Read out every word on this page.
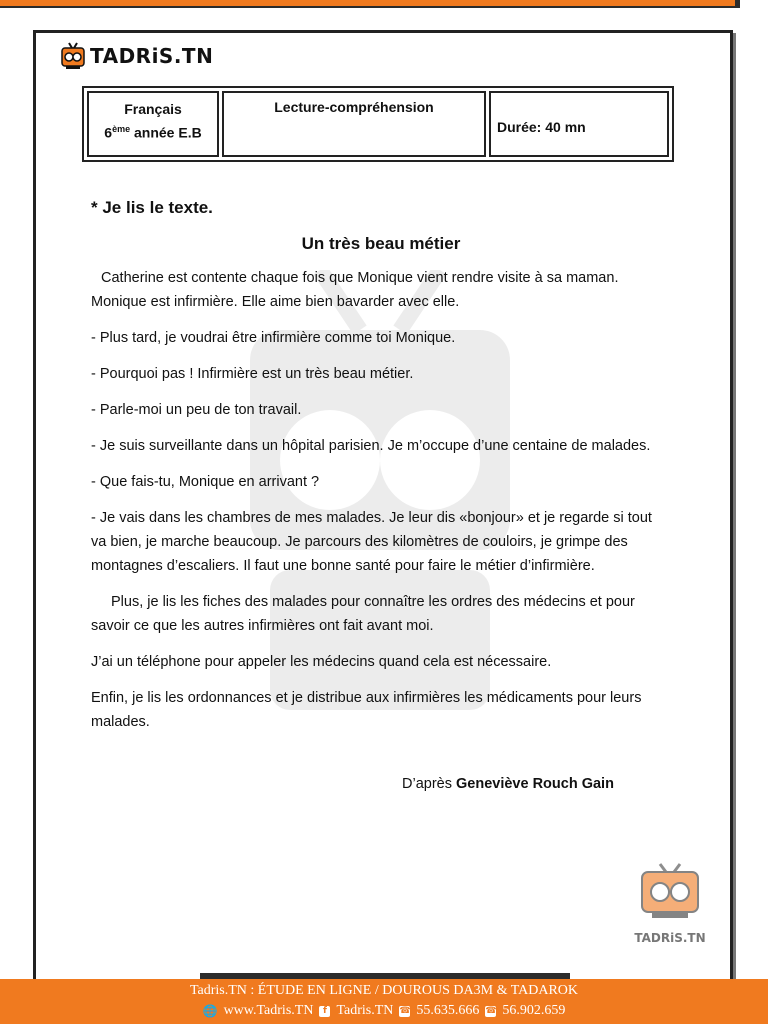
TADRiS.TN
Français
6ème année E.B
Lecture-compréhension
Durée: 40 mn
* Je lis le texte.
Un très beau métier

Catherine est contente chaque fois que Monique vient rendre visite à sa maman. Monique est infirmière. Elle aime bien bavarder avec elle.

- Plus tard, je voudrai être infirmière comme toi Monique.

- Pourquoi pas ! Infirmière est un très beau métier.

- Parle-moi un peu de ton travail.

- Je suis surveillante dans un hôpital parisien. Je m’occupe d’une centaine de malades.

- Que fais-tu, Monique en arrivant ?

- Je vais dans les chambres de mes malades. Je leur dis «bonjour» et je regarde si tout va bien, je marche beaucoup. Je parcours des kilomètres de couloirs, je grimpe des montagnes d’escaliers. Il faut une bonne santé pour faire le métier d’infirmière.

Plus, je lis les fiches des malades pour connaître les ordres des médecins et pour savoir ce que les autres infirmières ont fait avant moi.

J’ai un téléphone pour appeler les médecins quand cela est nécessaire.

Enfin, je lis les ordonnances et je distribue aux infirmières les médicaments pour leurs malades.

D’après Geneviève Rouch Gain
TADRiS.TN
Tadris.TN : ÉTUDE EN LIGNE / DOUROUS DA3M & TADAROK
🌐 www.Tadris.TN	f Tadris.TN ☎ 55.635.666 ☎ 56.902.659
